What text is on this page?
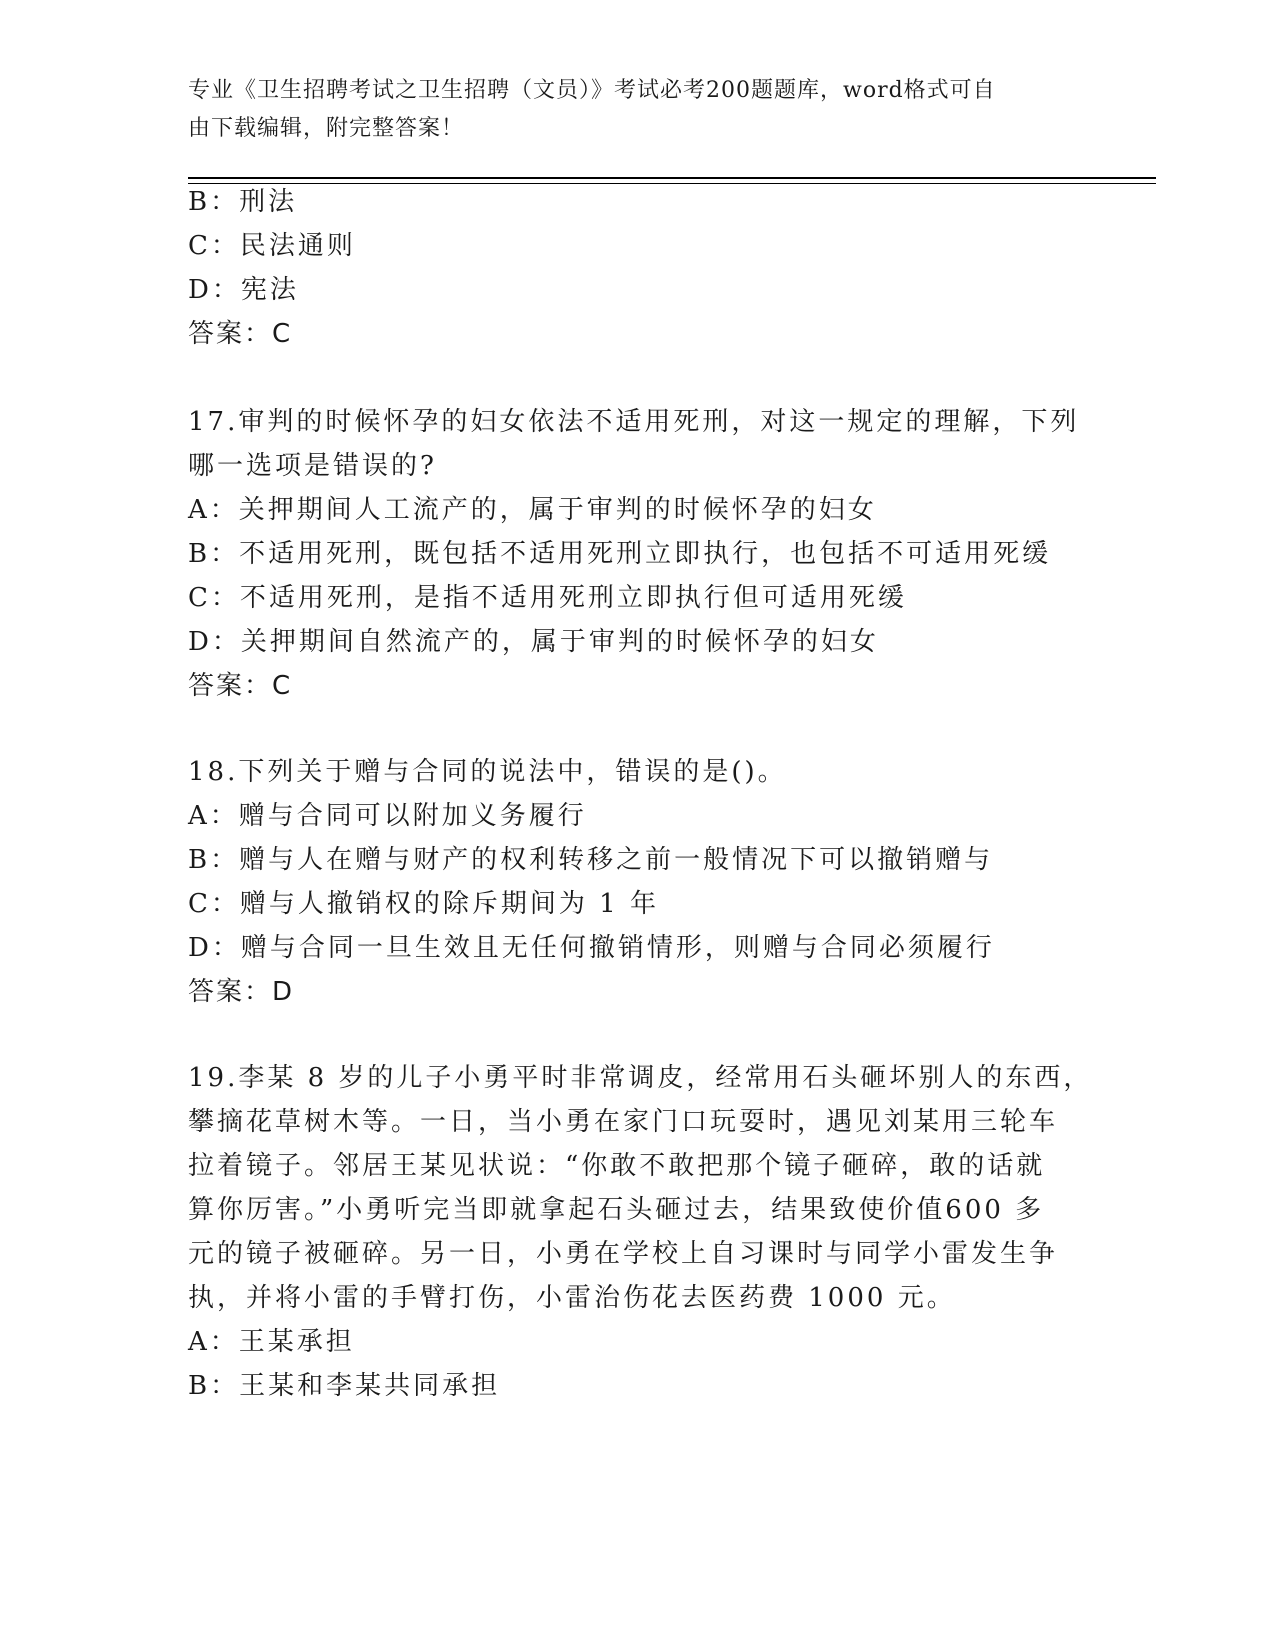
专业《卫生招聘考试之卫生招聘（文员）》考试必考200题题库，word格式可自
由下载编辑，附完整答案！
B：刑法
C：民法通则
D：宪法
答案：C
17.审判的时候怀孕的妇女依法不适用死刑，对这一规定的理解，下列
哪一选项是错误的?
A：关押期间人工流产的，属于审判的时候怀孕的妇女
B：不适用死刑，既包括不适用死刑立即执行，也包括不可适用死缓
C：不适用死刑，是指不适用死刑立即执行但可适用死缓
D：关押期间自然流产的，属于审判的时候怀孕的妇女
答案：C
18.下列关于赠与合同的说法中，错误的是()。
A：赠与合同可以附加义务履行
B：赠与人在赠与财产的权利转移之前一般情况下可以撤销赠与
C：赠与人撤销权的除斥期间为 1 年
D：赠与合同一旦生效且无任何撤销情形，则赠与合同必须履行
答案：D
19.李某 8 岁的儿子小勇平时非常调皮，经常用石头砸坏别人的东西，
攀摘花草树木等。一日，当小勇在家门口玩耍时，遇见刘某用三轮车
拉着镜子。邻居王某见状说：“你敢不敢把那个镜子砸碎，敢的话就
算你厉害。”小勇听完当即就拿起石头砸过去，结果致使价值600 多
元的镜子被砸碎。另一日，小勇在学校上自习课时与同学小雷发生争
执，并将小雷的手臂打伤，小雷治伤花去医药费 1000 元。
A：王某承担
B：王某和李某共同承担
